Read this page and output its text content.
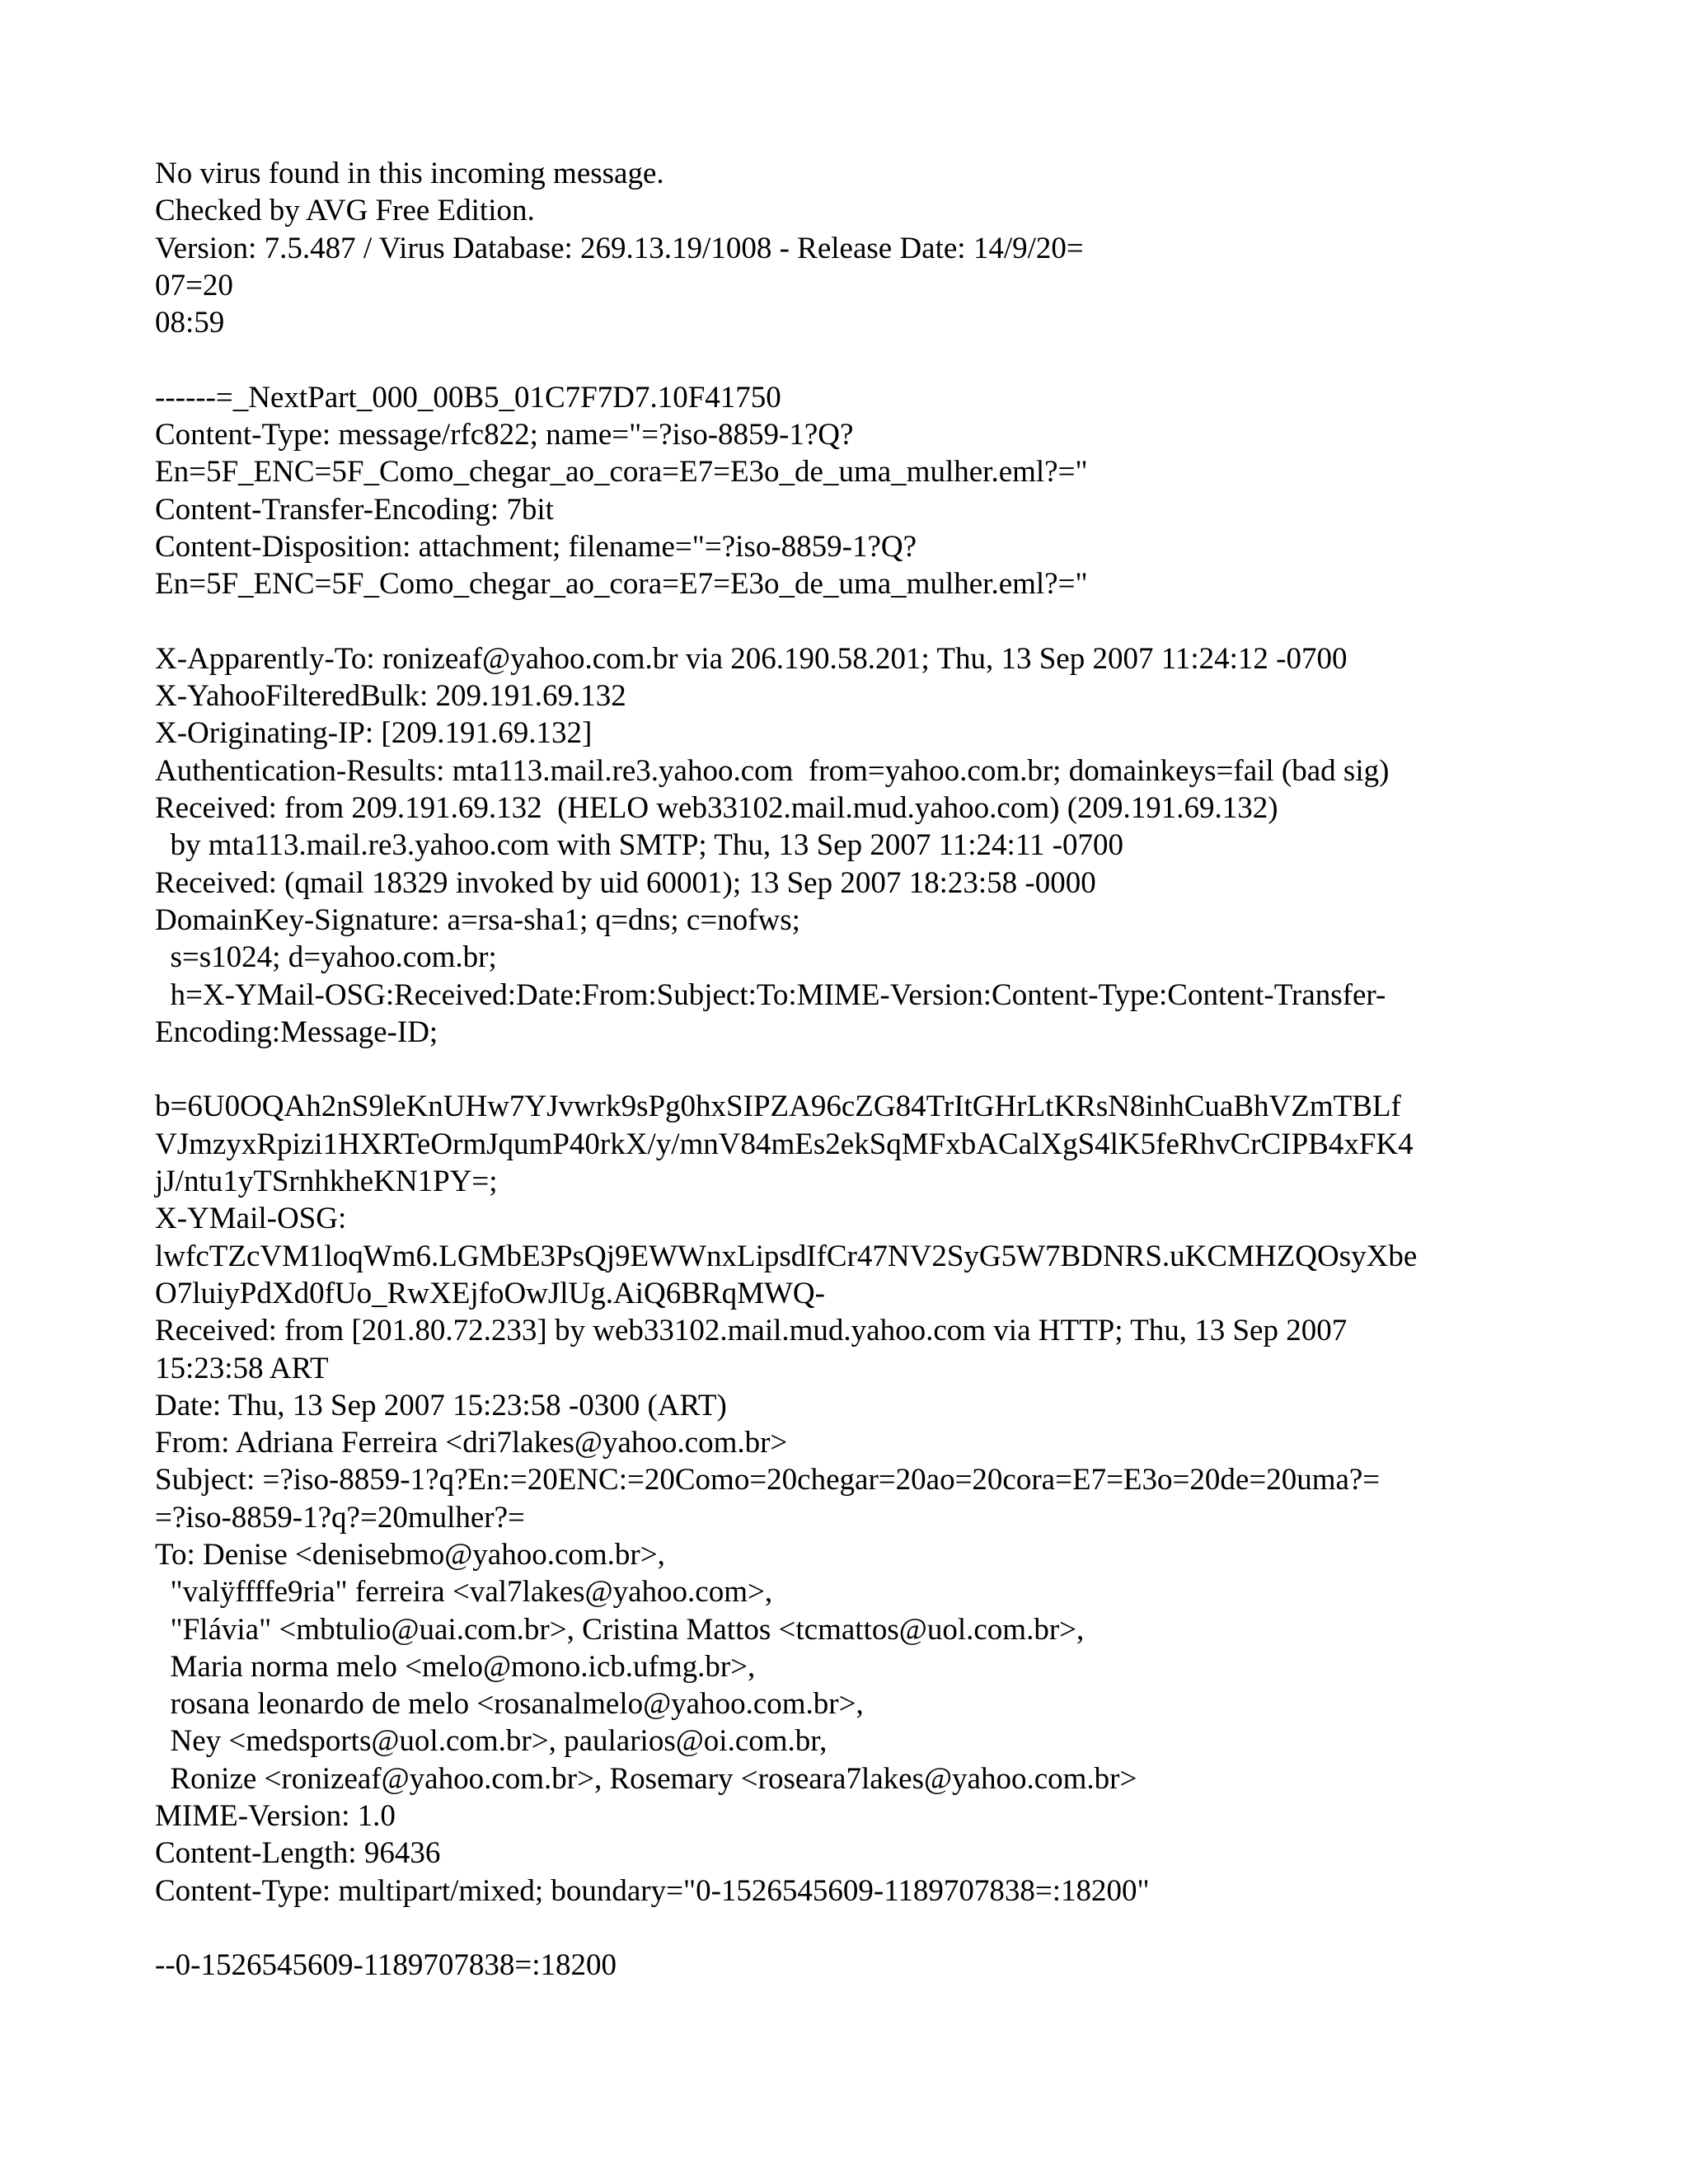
No virus found in this incoming message.
Checked by AVG Free Edition.
Version: 7.5.487 / Virus Database: 269.13.19/1008 - Release Date: 14/9/20=
07=20
08:59
------=_NextPart_000_00B5_01C7F7D7.10F41750
Content-Type: message/rfc822; name="=?iso-8859-1?Q?
En=5F_ENC=5F_Como_chegar_ao_cora=E7=E3o_de_uma_mulher.eml?="
Content-Transfer-Encoding: 7bit
Content-Disposition: attachment; filename="=?iso-8859-1?Q?
En=5F_ENC=5F_Como_chegar_ao_cora=E7=E3o_de_uma_mulher.eml?="
X-Apparently-To: ronizeaf@yahoo.com.br via 206.190.58.201; Thu, 13 Sep 2007 11:24:12 -0700
X-YahooFilteredBulk: 209.191.69.132
X-Originating-IP: [209.191.69.132]
Authentication-Results: mta113.mail.re3.yahoo.com  from=yahoo.com.br; domainkeys=fail (bad sig)
Received: from 209.191.69.132  (HELO web33102.mail.mud.yahoo.com) (209.191.69.132)
by mta113.mail.re3.yahoo.com with SMTP; Thu, 13 Sep 2007 11:24:11 -0700
Received: (qmail 18329 invoked by uid 60001); 13 Sep 2007 18:23:58 -0000
DomainKey-Signature: a=rsa-sha1; q=dns; c=nofws;
s=s1024; d=yahoo.com.br;
h=X-YMail-OSG:Received:Date:From:Subject:To:MIME-Version:Content-Type:Content-Transfer-
Encoding:Message-ID;
b=6U0OQAh2nS9leKnUHw7YJvwrk9sPg0hxSIPZA96cZG84TrItGHrLtKRsN8inhCuaBhVZmTBLf
VJmzyxRpizi1HXRTeOrmJqumP40rkX/y/mnV84mEs2ekSqMFxbACalXgS4lK5feRhvCrCIPB4xFK4
jJ/ntu1yTSrnhkheKN1PY=;
X-YMail-OSG:
lwfcTZcVM1loqWm6.LGMbE3PsQj9EWWnxLipsdIfCr47NV2SyG5W7BDNRS.uKCMHZQOsyXbe
O7luiyPdXd0fUo_RwXEjfoOwJlUg.AiQ6BRqMWQ-
Received: from [201.80.72.233] by web33102.mail.mud.yahoo.com via HTTP; Thu, 13 Sep 2007
15:23:58 ART
Date: Thu, 13 Sep 2007 15:23:58 -0300 (ART)
From: Adriana Ferreira <dri7lakes@yahoo.com.br>
Subject: =?iso-8859-1?q?En:=20ENC:=20Como=20chegar=20ao=20cora=E7=E3o=20de=20uma?=
=?iso-8859-1?q?=20mulher?=
To: Denise <denisebmo@yahoo.com.br>,
"valÿffffe9ria" ferreira <val7lakes@yahoo.com>,
"Flávia" <mbtulio@uai.com.br>, Cristina Mattos <tcmattos@uol.com.br>,
Maria norma melo <melo@mono.icb.ufmg.br>,
rosana leonardo de melo <rosanalmelo@yahoo.com.br>,
Ney <medsports@uol.com.br>, paularios@oi.com.br,
Ronize <ronizeaf@yahoo.com.br>, Rosemary <roseara7lakes@yahoo.com.br>
MIME-Version: 1.0
Content-Length: 96436
Content-Type: multipart/mixed; boundary="0-1526545609-1189707838=:18200"
--0-1526545609-1189707838=:18200
